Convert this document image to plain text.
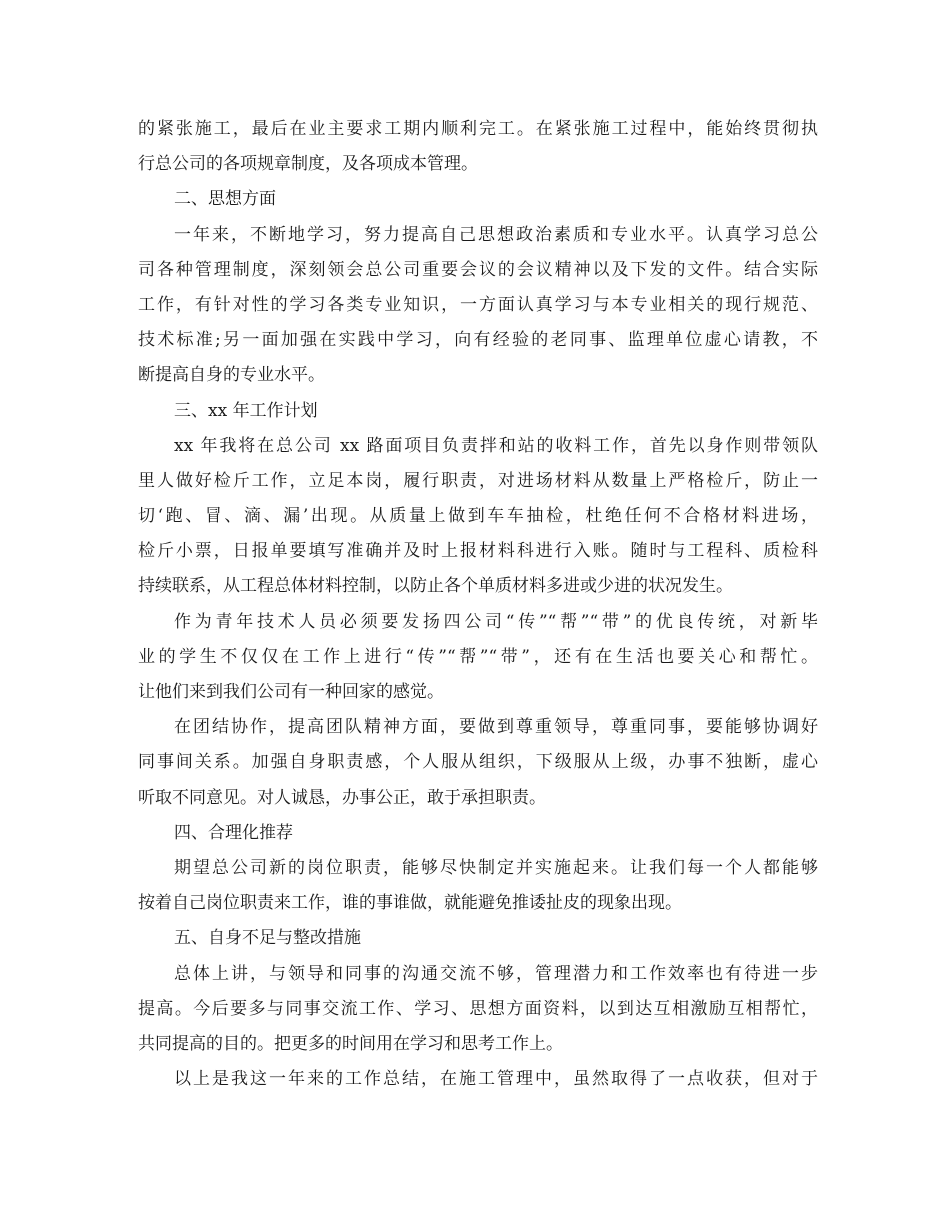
的紧张施工，最后在业主要求工期内顺利完工。在紧张施工过程中，能始终贯彻执
行总公司的各项规章制度，及各项成本管理。
二、思想方面
一年来，不断地学习，努力提高自己思想政治素质和专业水平。认真学习总公
司各种管理制度，深刻领会总公司重要会议的会议精神以及下发的文件。结合实际
工作，有针对性的学习各类专业知识，一方面认真学习与本专业相关的现行规范、
技术标准;另一面加强在实践中学习，向有经验的老同事、监理单位虚心请教，不
断提高自身的专业水平。
三、xx 年工作计划
xx 年我将在总公司 xx 路面项目负责拌和站的收料工作，首先以身作则带领队
里人做好检斤工作，立足本岗，履行职责，对进场材料从数量上严格检斤，防止一
切‘跑、冒、滴、漏’出现。从质量上做到车车抽检，杜绝任何不合格材料进场，
检斤小票，日报单要填写准确并及时上报材料科进行入账。随时与工程科、质检科
持续联系，从工程总体材料控制，以防止各个单质材料多进或少进的状况发生。
作为青年技术人员必须要发扬四公司“传”“帮”“带”的优良传统，对新毕
业的学生不仅仅在工作上进行“传”“帮”“带”，还有在生活也要关心和帮忙。
让他们来到我们公司有一种回家的感觉。
在团结协作，提高团队精神方面，要做到尊重领导，尊重同事，要能够协调好
同事间关系。加强自身职责感，个人服从组织，下级服从上级，办事不独断，虚心
听取不同意见。对人诚恳，办事公正，敢于承担职责。
四、合理化推荐
期望总公司新的岗位职责，能够尽快制定并实施起来。让我们每一个人都能够
按着自己岗位职责来工作，谁的事谁做，就能避免推诿扯皮的现象出现。
五、自身不足与整改措施
总体上讲，与领导和同事的沟通交流不够，管理潜力和工作效率也有待进一步
提高。今后要多与同事交流工作、学习、思想方面资料，以到达互相激励互相帮忙，
共同提高的目的。把更多的时间用在学习和思考工作上。
以上是我这一年来的工作总结，在施工管理中，虽然取得了一点收获，但对于
